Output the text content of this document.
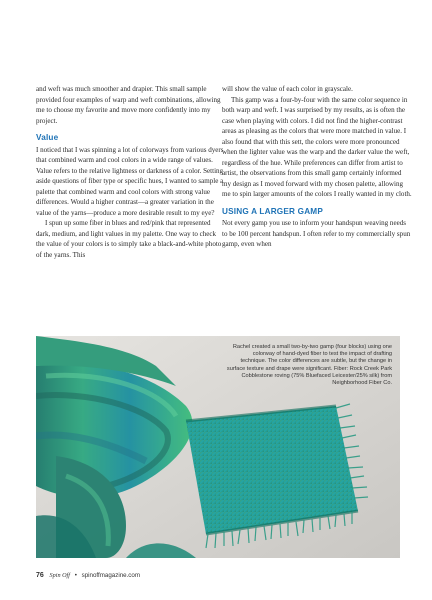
and weft was much smoother and drapier. This small sample provided four examples of warp and weft combinations, allowing me to choose my favorite and move more confidently into my project.

Value

I noticed that I was spinning a lot of colorways from various dyers that combined warm and cool colors in a wide range of values. Value refers to the relative lightness or darkness of a color. Setting aside questions of fiber type or specific hues, I wanted to sample a palette that combined warm and cool colors with strong value differences. Would a higher contrast—a greater variation in the value of the yarns—produce a more desirable result to my eye?

I spun up some fiber in blues and red/pink that represented dark, medium, and light values in my palette. One way to check the value of your colors is to simply take a black-and-white photo of the yarns. This

will show the value of each color in grayscale.

This gamp was a four-by-four with the same color sequence in both warp and weft. I was surprised by my results, as is often the case when playing with colors. I did not find the higher-contrast areas as pleasing as the colors that were more matched in value. I also found that with this sett, the colors were more pronounced when the lighter value was the warp and the darker value the weft, regardless of the hue. While preferences can differ from artist to artist, the observations from this small gamp certainly informed my design as I moved forward with my chosen palette, allowing me to spin larger amounts of the colors I really wanted in my cloth.

USING A LARGER GAMP

Not every gamp you use to inform your handspun weaving needs to be 100 percent handspun. I often refer to my commercially spun gamp, even when

Rachel created a small two-by-two gamp (four blocks) using one colorway of hand-dyed fiber to test the impact of drafting technique. The color differences are subtle, but the change in surface texture and drape were significant. Fiber: Rock Creek Park Cobblestone roving (75% Bluefaced Leicester/25% silk) from Neighborhood Fiber Co.
76 Spin Off • spinoffmagazine.com
